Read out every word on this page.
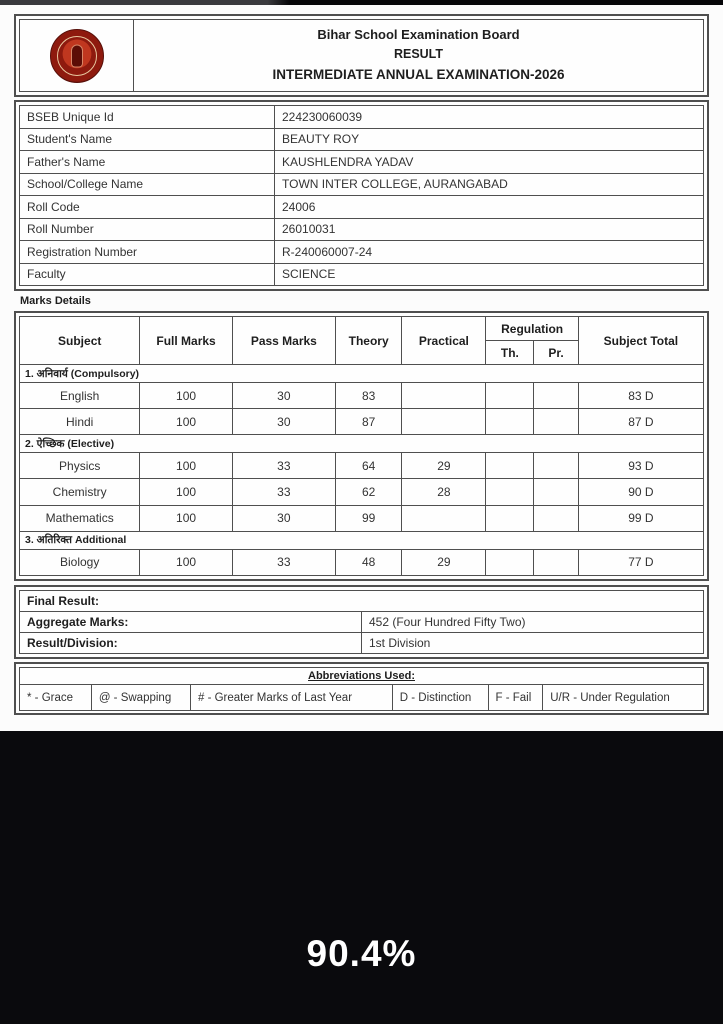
Bihar School Examination Board
RESULT
INTERMEDIATE ANNUAL EXAMINATION-2026
BSEB Unique Id	224230060039
Student's Name	BEAUTY ROY
Father's Name	KAUSHLENDRA YADAV
School/College Name	TOWN INTER COLLEGE, AURANGABAD
Roll Code	24006
Roll Number	26010031
Registration Number	R-240060007-24
Faculty	SCIENCE
Marks Details
Subject	Full Marks	Pass Marks	Theory	Practical	Regulation		Subject Total
					Th.	Pr.	
1. अनिवार्य (Compulsory)							
English	100	30	83				83 D
Hindi	100	30	87				87 D
2. ऐच्छिक (Elective)							
Physics	100	33	64	29			93 D
Chemistry	100	33	62	28			90 D
Mathematics	100	30	99				99 D
3. अतिरिक्त Additional							
Biology	100	33	48	29			77 D
Final Result:	
Aggregate Marks:	452 (Four Hundred Fifty Two)
Result/Division:	1st Division
Abbreviations Used:
* - Grace	@ - Swapping	# - Greater Marks of Last Year	D - Distinction	F - Fail	U/R - Under Regulation
90.4%
